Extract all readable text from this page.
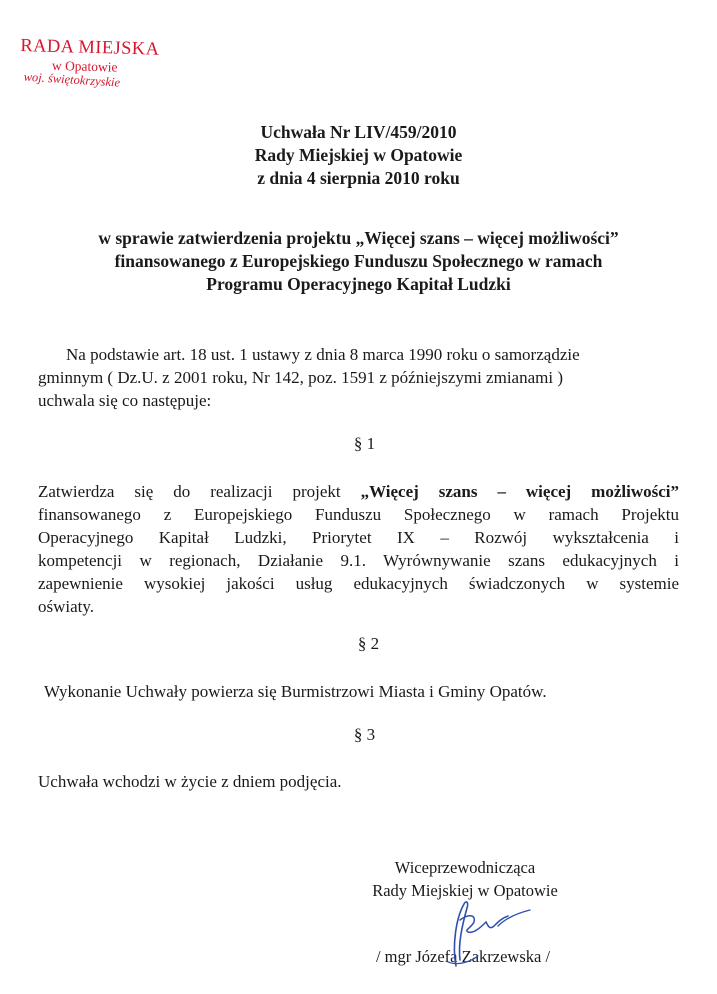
RADA MIEJSKA
w Opatowie
woj. świętokrzyskie
Uchwała Nr LIV/459/2010
Rady Miejskiej w Opatowie
z dnia 4 sierpnia 2010 roku
w sprawie zatwierdzenia projektu „Więcej szans – więcej możliwości”
finansowanego z Europejskiego Funduszu Społecznego w ramach
Programu Operacyjnego Kapitał Ludzki
Na podstawie art. 18 ust. 1 ustawy z dnia 8 marca 1990 roku o samorządzie
gminnym ( Dz.U. z 2001 roku, Nr 142, poz. 1591 z późniejszymi zmianami )
uchwala się co następuje:
§ 1
Zatwierdza się do realizacji projekt „Więcej szans – więcej możliwości”
finansowanego z Europejskiego Funduszu Społecznego w ramach Projektu
Operacyjnego Kapitał Ludzki, Priorytet IX – Rozwój wykształcenia i
kompetencji w regionach, Działanie 9.1. Wyrównywanie szans edukacyjnych i
zapewnienie wysokiej jakości usług edukacyjnych świadczonych w systemie
oświaty.
§ 2
Wykonanie Uchwały powierza się Burmistrzowi Miasta i Gminy Opatów.
§ 3
Uchwała wchodzi w życie z dniem podjęcia.
Wiceprzewodnicząca
Rady Miejskiej w Opatowie
/ mgr Józefa Zakrzewska /
